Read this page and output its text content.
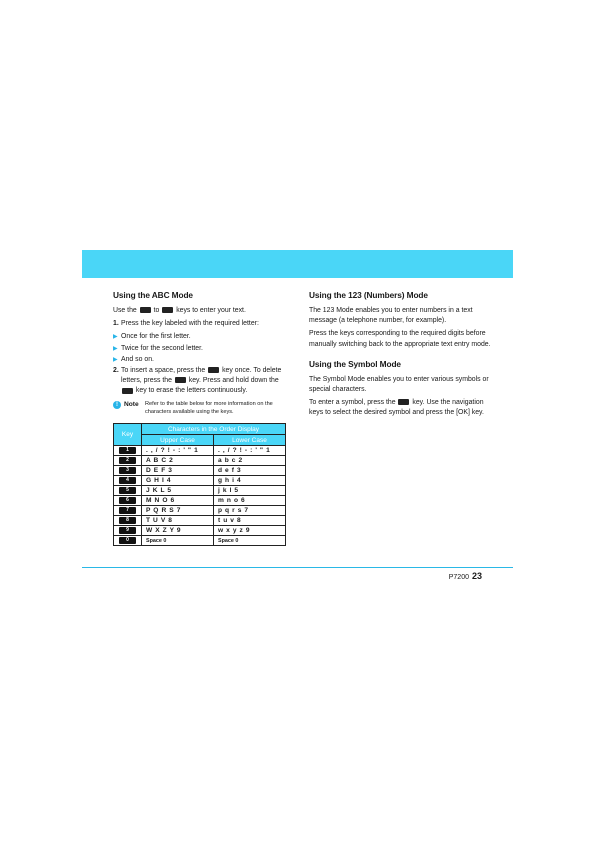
Using the ABC Mode

Use the to keys to enter your text.

1. Press the key labeled with the required letter:

▶ Once for the first letter.

▶ Twice for the second letter.

▶ And so on.

2. To insert a space, press the key once. To delete letters, press the key. Press and hold down the  key to erase the letters continuously.

! Note Refer to the table below for more information on the characters available using the keys.
Key	Characters in the Order Display	
	Upper Case	Lower Case
1	. , / ? ! - : ' " 1	. , / ? ! - : ' " 1
2	A B C 2	a b c 2
3	D E F 3	d e f 3
4	G H I 4	g h i 4
5	J K L 5	j k l 5
6	M N O 6	m n o 6
7	P Q R S 7	p q r s 7
8	T U V 8	t u v 8
9	W X Z Y 9	w x y z 9
0	Space 0	Space 0
Using the 123 (Numbers) Mode

The 123 Mode enables you to enter numbers in a text message (a telephone number, for example).

Press the keys corresponding to the required digits before manually switching back to the appropriate text entry mode.

Using the Symbol Mode

The Symbol Mode enables you to enter various symbols or special characters.

To enter a symbol, press the key. Use the navigation keys to select the desired symbol and press the [OK] key.

P7200 23
